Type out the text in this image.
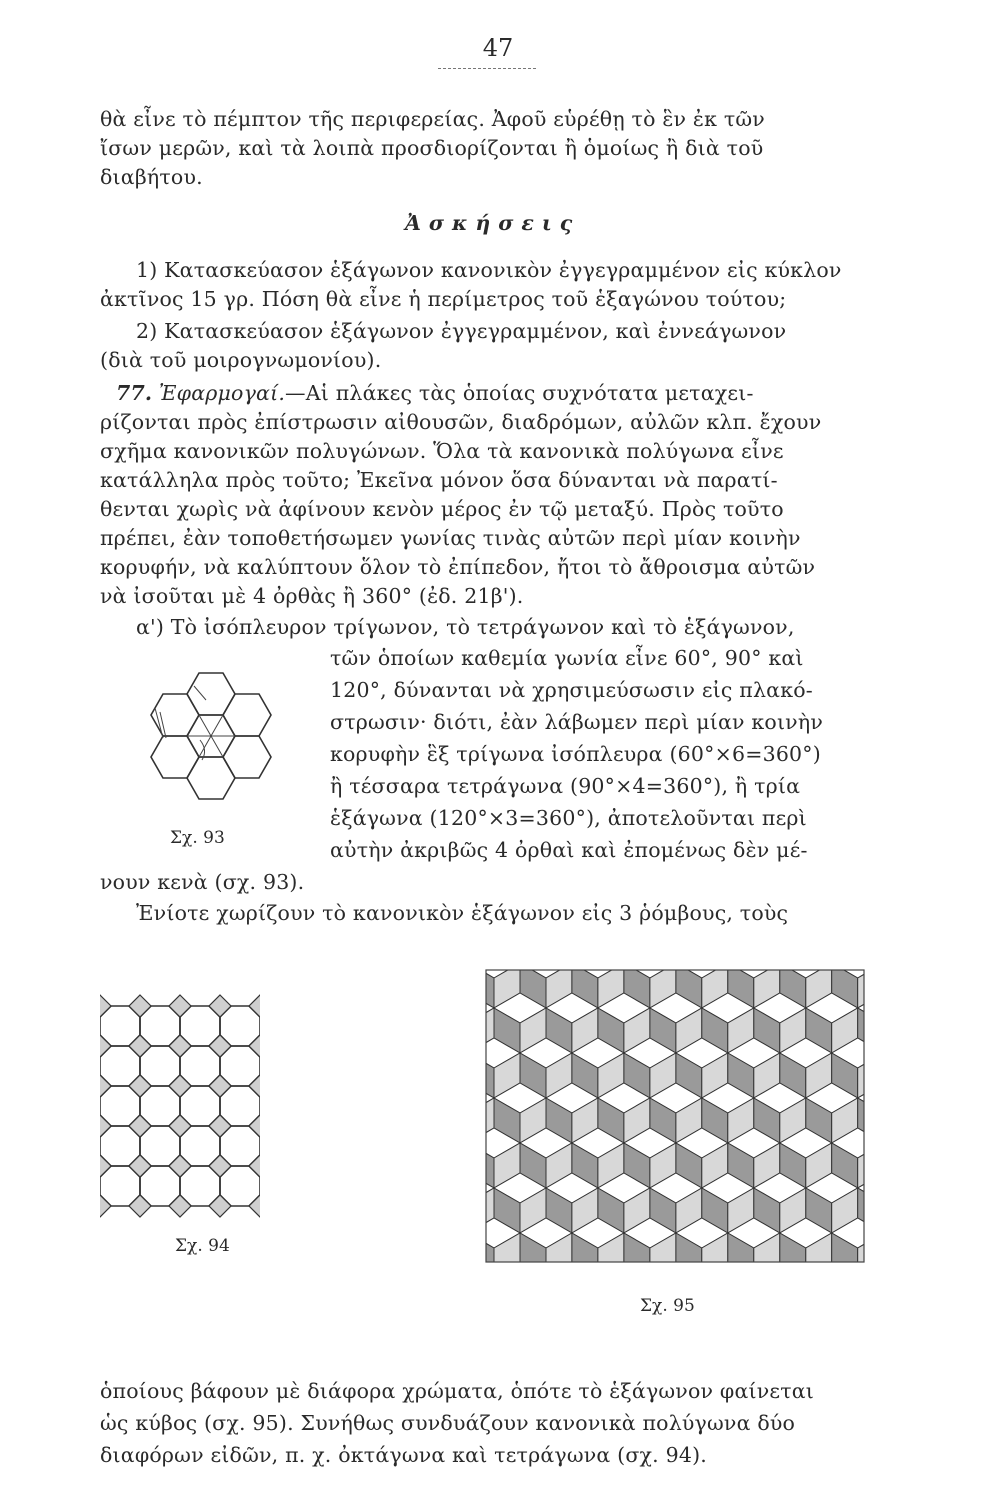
47
θὰ εἶνε τὸ πέμπτον τῆς περιφερείας. Ἀφοῦ εὑρέθῃ τὸ ἓν ἐκ τῶν
ἴσων μερῶν, καὶ τὰ λοιπὰ προσδιορίζονται ἢ ὁμοίως ἢ διὰ τοῦ
διαβήτου.
Ἀσκήσεις
1) Κατασκεύασον ἑξάγωνον κανονικὸν ἐγγεγραμμένον εἰς κύκλον
ἀκτῖνος 15 γρ. Πόση θὰ εἶνε ἡ περίμετρος τοῦ ἑξαγώνου τούτου;
2) Κατασκεύασον ἑξάγωνον ἐγγεγραμμένον, καὶ ἐννεάγωνον
(διὰ τοῦ μοιρογνωμονίου).
77. Ἐφαρμογαί.—Αἱ πλάκες τὰς ὁποίας συχνότατα μεταχει-
ρίζονται πρὸς ἐπίστρωσιν αἰθουσῶν, διαδρόμων, αὐλῶν κλπ. ἔχουν
σχῆμα κανονικῶν πολυγώνων. Ὅλα τὰ κανονικὰ πολύγωνα εἶνε
κατάλληλα πρὸς τοῦτο; Ἐκεῖνα μόνον ὅσα δύνανται νὰ παρατί-
θενται χωρὶς νὰ ἀφίνουν κενὸν μέρος ἐν τῷ μεταξύ. Πρὸς τοῦτο
πρέπει, ἐὰν τοποθετήσωμεν γωνίας τινὰς αὐτῶν περὶ μίαν κοινὴν
κορυφήν, νὰ καλύπτουν ὅλον τὸ ἐπίπεδον, ἤτοι τὸ ἄθροισμα αὐτῶν
νὰ ἰσοῦται μὲ 4 ὀρθὰς ἢ 360° (ἐδ. 21β').
α') Τὸ ἰσόπλευρον τρίγωνον, τὸ τετράγωνον καὶ τὸ ἑξάγωνον,
τῶν ὁποίων καθεμία γωνία εἶνε 60°, 90° καὶ
120°, δύνανται νὰ χρησιμεύσωσιν εἰς πλακό-
στρωσιν· διότι, ἐὰν λάβωμεν περὶ μίαν κοινὴν
κορυφὴν ἓξ τρίγωνα ἰσόπλευρα (60°×6=360°)
ἢ τέσσαρα τετράγωνα (90°×4=360°), ἢ τρία
ἑξάγωνα (120°×3=360°), ἀποτελοῦνται περὶ
αὐτὴν ἀκριβῶς 4 ὀρθαὶ καὶ ἐπομένως δὲν μέ-
νουν κενὰ (σχ. 93).
Ἐνίοτε χωρίζουν τὸ κανονικὸν ἑξάγωνον εἰς 3 ῥόμβους, τοὺς
ὁποίους βάφουν μὲ διάφορα χρώματα, ὁπότε τὸ ἑξάγωνον φαίνεται
ὡς κύβος (σχ. 95). Συνήθως συνδυάζουν κανονικὰ πολύγωνα δύο
διαφόρων εἰδῶν, π. χ. ὀκτάγωνα καὶ τετράγωνα (σχ. 94).
Σχ. 93
Σχ. 94
Σχ. 95
